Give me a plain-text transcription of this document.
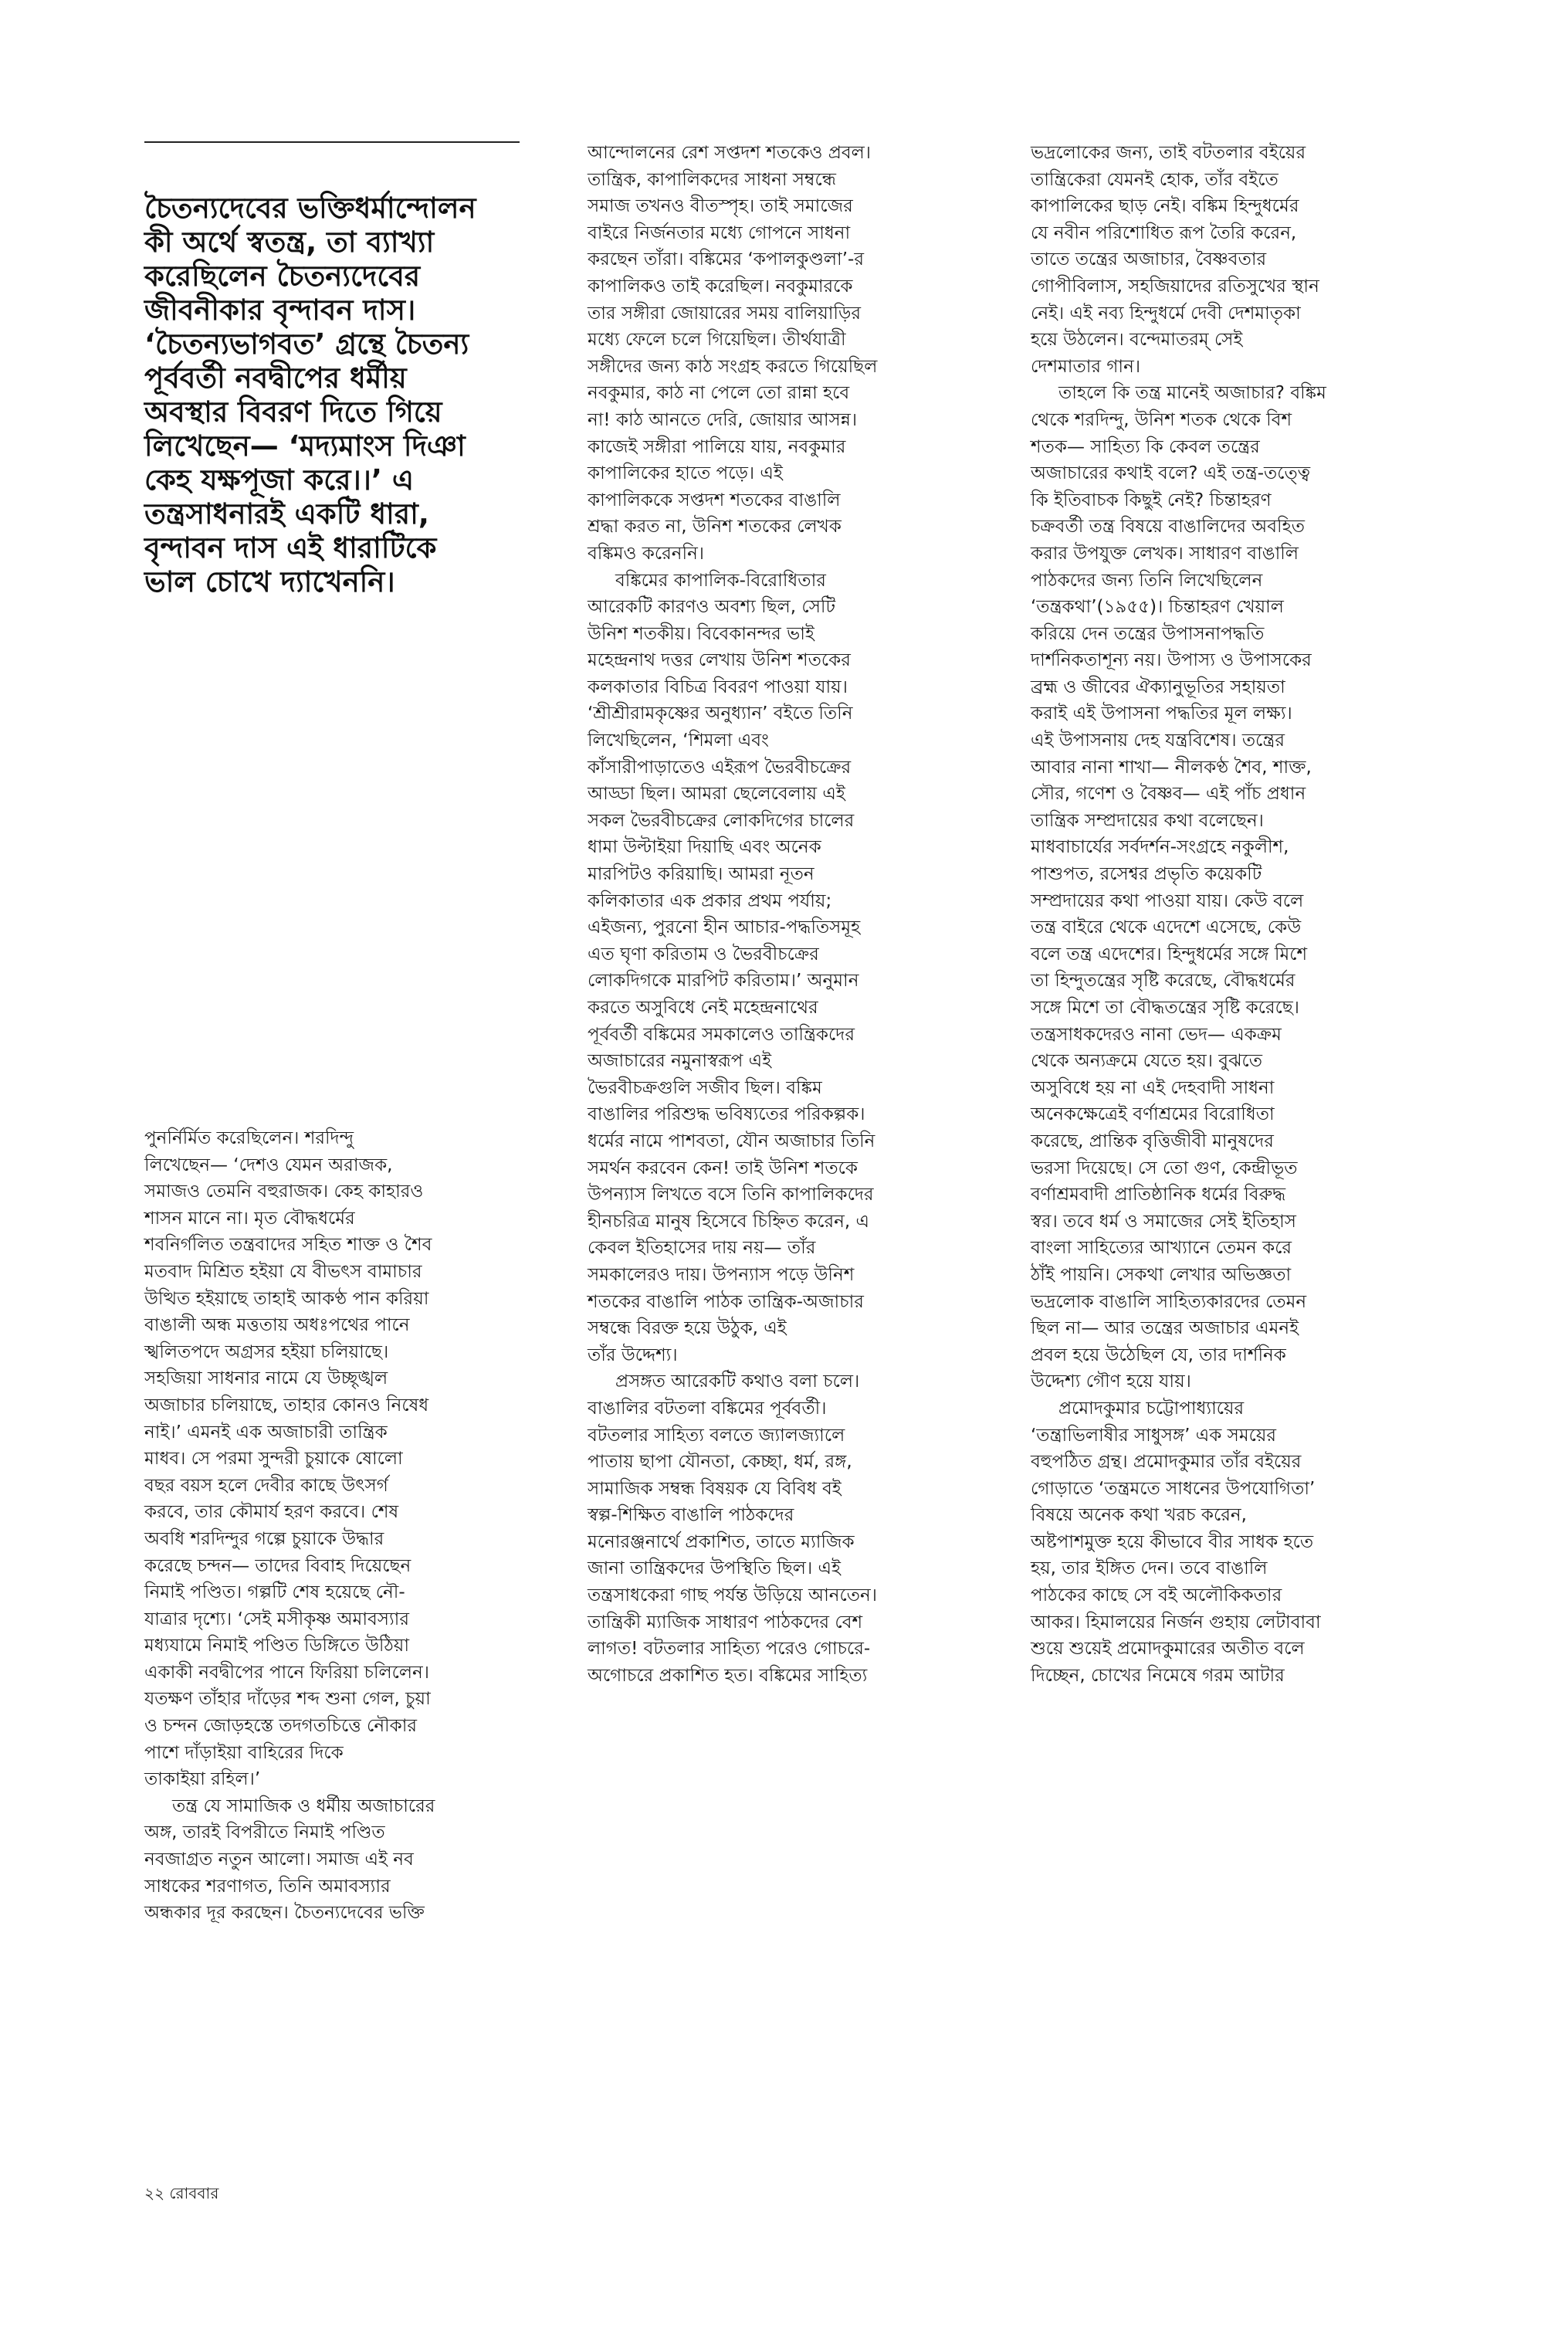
চৈতন্যদেবের ভক্তিধর্মান্দোলন
কী অর্থে স্বতন্ত্র, তা ব্যাখ্যা
করেছিলেন চৈতন্যদেবের
জীবনীকার বৃন্দাবন দাস।
‘চৈতন্যভাগবত’ গ্রন্থে চৈতন্য
পূর্ববর্তী নবদ্বীপের ধর্মীয়
অবস্থার বিবরণ দিতে গিয়ে
লিখেছেন— ‘মদ্যমাংস দিঞা
কেহ যক্ষপূজা করে।।’ এ
তন্ত্রসাধনারই একটি ধারা,
বৃন্দাবন দাস এই ধারাটিকে
ভাল চোখে দ্যাখেননি।
পুনর্নির্মিত করেছিলেন। শরদিন্দু
লিখেছেন— ‘দেশও যেমন অরাজক,
সমাজও তেমনি বহুরাজক। কেহ কাহারও
শাসন মানে না। মৃত বৌদ্ধধর্মের
শবনির্গলিত তন্ত্রবাদের সহিত শাক্ত ও শৈব
মতবাদ মিশ্রিত হইয়া যে বীভৎস বামাচার
উত্থিত হইয়াছে তাহাই আকণ্ঠ পান করিয়া
বাঙালী অন্ধ মত্ততায় অধঃপথের পানে
স্খলিতপদে অগ্রসর হইয়া চলিয়াছে।
সহজিয়া সাধনার নামে যে উচ্ছৃঙ্খল
অজাচার চলিয়াছে, তাহার কোনও নিষেধ
নাই।’ এমনই এক অজাচারী তান্ত্রিক
মাধব। সে পরমা সুন্দরী চুয়াকে ষোলো
বছর বয়স হলে দেবীর কাছে উৎসর্গ
করবে, তার কৌমার্য হরণ করবে। শেষ
অবধি শরদিন্দুর গল্পে চুয়াকে উদ্ধার
করেছে চন্দন— তাদের বিবাহ দিয়েছেন
নিমাই পণ্ডিত। গল্পটি শেষ হয়েছে নৌ-
যাত্রার দৃশ্যে। ‘সেই মসীকৃষ্ণ অমাবস্যার
মধ্যযামে নিমাই পণ্ডিত ডিঙ্গিতে উঠিয়া
একাকী নবদ্বীপের পানে ফিরিয়া চলিলেন।
যতক্ষণ তাঁহার দাঁড়ের শব্দ শুনা গেল, চুয়া
ও চন্দন জোড়হস্তে তদগতচিত্তে নৌকার
পাশে দাঁড়াইয়া বাহিরের দিকে
তাকাইয়া রহিল।’
তন্ত্র যে সামাজিক ও ধর্মীয় অজাচারের
অঙ্গ, তারই বিপরীতে নিমাই পণ্ডিত
নবজাগ্রত নতুন আলো। সমাজ এই নব
সাধকের শরণাগত, তিনি অমাবস্যার
অন্ধকার দূর করছেন। চৈতন্যদেবের ভক্তি
আন্দোলনের রেশ সপ্তদশ শতকেও প্রবল।
তান্ত্রিক, কাপালিকদের সাধনা সম্বন্ধে
সমাজ তখনও বীতস্পৃহ। তাই সমাজের
বাইরে নির্জনতার মধ্যে গোপনে সাধনা
করছেন তাঁরা। বঙ্কিমের ‘কপালকুণ্ডলা’-র
কাপালিকও তাই করেছিল। নবকুমারকে
তার সঙ্গীরা জোয়ারের সময় বালিয়াড়ির
মধ্যে ফেলে চলে গিয়েছিল। তীর্থযাত্রী
সঙ্গীদের জন্য কাঠ সংগ্রহ করতে গিয়েছিল
নবকুমার, কাঠ না পেলে তো রান্না হবে
না! কাঠ আনতে দেরি, জোয়ার আসন্ন।
কাজেই সঙ্গীরা পালিয়ে যায়, নবকুমার
কাপালিকের হাতে পড়ে। এই
কাপালিককে সপ্তদশ শতকের বাঙালি
শ্রদ্ধা করত না, উনিশ শতকের লেখক
বঙ্কিমও করেননি।
বঙ্কিমের কাপালিক-বিরোধিতার
আরেকটি কারণও অবশ্য ছিল, সেটি
উনিশ শতকীয়। বিবেকানন্দর ভাই
মহেন্দ্রনাথ দত্তর লেখায় উনিশ শতকের
কলকাতার বিচিত্র বিবরণ পাওয়া যায়।
‘শ্রীশ্রীরামকৃষ্ণের অনুধ্যান’ বইতে তিনি
লিখেছিলেন, ‘শিমলা এবং
কাঁসারীপাড়াতেও এইরূপ ভৈরবীচক্রের
আড্ডা ছিল। আমরা ছেলেবেলায় এই
সকল ভৈরবীচক্রের লোকদিগের চালের
ধামা উল্টাইয়া দিয়াছি এবং অনেক
মারপিটও করিয়াছি। আমরা নূতন
কলিকাতার এক প্রকার প্রথম পর্যায়;
এইজন্য, পুরনো হীন আচার-পদ্ধতিসমূহ
এত ঘৃণা করিতাম ও ভৈরবীচক্রের
লোকদিগকে মারপিট করিতাম।’ অনুমান
করতে অসুবিধে নেই মহেন্দ্রনাথের
পূর্ববর্তী বঙ্কিমের সমকালেও তান্ত্রিকদের
অজাচারের নমুনাস্বরূপ এই
ভৈরবীচক্রগুলি সজীব ছিল। বঙ্কিম
বাঙালির পরিশুদ্ধ ভবিষ্যতের পরিকল্পক।
ধর্মের নামে পাশবতা, যৌন অজাচার তিনি
সমর্থন করবেন কেন! তাই উনিশ শতকে
উপন্যাস লিখতে বসে তিনি কাপালিকদের
হীনচরিত্র মানুষ হিসেবে চিহ্নিত করেন, এ
কেবল ইতিহাসের দায় নয়— তাঁর
সমকালেরও দায়। উপন্যাস পড়ে উনিশ
শতকের বাঙালি পাঠক তান্ত্রিক-অজাচার
সম্বন্ধে বিরক্ত হয়ে উঠুক, এই
তাঁর উদ্দেশ্য।
প্রসঙ্গত আরেকটি কথাও বলা চলে।
বাঙালির বটতলা বঙ্কিমের পূর্ববর্তী।
বটতলার সাহিত্য বলতে জ্যালজ্যালে
পাতায় ছাপা যৌনতা, কেচ্ছা, ধর্ম, রঙ্গ,
সামাজিক সম্বন্ধ বিষয়ক যে বিবিধ বই
স্বল্প-শিক্ষিত বাঙালি পাঠকদের
মনোরঞ্জনার্থে প্রকাশিত, তাতে ম্যাজিক
জানা তান্ত্রিকদের উপস্থিতি ছিল। এই
তন্ত্রসাধকেরা গাছ পর্যন্ত উড়িয়ে আনতেন।
তান্ত্রিকী ম্যাজিক সাধারণ পাঠকদের বেশ
লাগত! বটতলার সাহিত্য পরেও গোচরে-
অগোচরে প্রকাশিত হত। বঙ্কিমের সাহিত্য
ভদ্রলোকের জন্য, তাই বটতলার বইয়ের
তান্ত্রিকেরা যেমনই হোক, তাঁর বইতে
কাপালিকের ছাড় নেই। বঙ্কিম হিন্দুধর্মের
যে নবীন পরিশোধিত রূপ তৈরি করেন,
তাতে তন্ত্রের অজাচার, বৈষ্ণবতার
গোপীবিলাস, সহজিয়াদের রতিসুখের স্থান
নেই। এই নব্য হিন্দুধর্মে দেবী দেশমাতৃকা
হয়ে উঠলেন। বন্দেমাতরম্ সেই
দেশমাতার গান।
তাহলে কি তন্ত্র মানেই অজাচার? বঙ্কিম
থেকে শরদিন্দু, উনিশ শতক থেকে বিশ
শতক— সাহিত্য কি কেবল তন্ত্রের
অজাচারের কথাই বলে? এই তন্ত্র-তত্ত্বে
কি ইতিবাচক কিছুই নেই? চিন্তাহরণ
চক্রবর্তী তন্ত্র বিষয়ে বাঙালিদের অবহিত
করার উপযুক্ত লেখক। সাধারণ বাঙালি
পাঠকদের জন্য তিনি লিখেছিলেন
‘তন্ত্রকথা’(১৯৫৫)। চিন্তাহরণ খেয়াল
করিয়ে দেন তন্ত্রের উপাসনাপদ্ধতি
দার্শনিকতাশূন্য নয়। উপাস্য ও উপাসকের
ব্রহ্ম ও জীবের ঐক্যানুভূতির সহায়তা
করাই এই উপাসনা পদ্ধতির মূল লক্ষ্য।
এই উপাসনায় দেহ যন্ত্রবিশেষ। তন্ত্রের
আবার নানা শাখা— নীলকণ্ঠ শৈব, শাক্ত,
সৌর, গণেশ ও বৈষ্ণব— এই পাঁচ প্রধান
তান্ত্রিক সম্প্রদায়ের কথা বলেছেন।
মাধবাচার্যের সর্বদর্শন-সংগ্রহে নকুলীশ,
পাশুপত, রসেশ্বর প্রভৃতি কয়েকটি
সম্প্রদায়ের কথা পাওয়া যায়। কেউ বলে
তন্ত্র বাইরে থেকে এদেশে এসেছে, কেউ
বলে তন্ত্র এদেশের। হিন্দুধর্মের সঙ্গে মিশে
তা হিন্দুতন্ত্রের সৃষ্টি করেছে, বৌদ্ধধর্মের
সঙ্গে মিশে তা বৌদ্ধতন্ত্রের সৃষ্টি করেছে।
তন্ত্রসাধকদেরও নানা ভেদ— একক্রম
থেকে অন্যক্রমে যেতে হয়। বুঝতে
অসুবিধে হয় না এই দেহবাদী সাধনা
অনেকক্ষেত্রেই বর্ণাশ্রমের বিরোধিতা
করেছে, প্রান্তিক বৃত্তিজীবী মানুষদের
ভরসা দিয়েছে। সে তো গুণ, কেন্দ্রীভূত
বর্ণাশ্রমবাদী প্রাতিষ্ঠানিক ধর্মের বিরুদ্ধ
স্বর। তবে ধর্ম ও সমাজের সেই ইতিহাস
বাংলা সাহিত্যের আখ্যানে তেমন করে
ঠাঁই পায়নি। সেকথা লেখার অভিজ্ঞতা
ভদ্রলোক বাঙালি সাহিত্যকারদের তেমন
ছিল না— আর তন্ত্রের অজাচার এমনই
প্রবল হয়ে উঠেছিল যে, তার দার্শনিক
উদ্দেশ্য গৌণ হয়ে যায়।
প্রমোদকুমার চট্টোপাধ্যায়ের
‘তন্ত্রাভিলাষীর সাধুসঙ্গ’ এক সময়ের
বহুপঠিত গ্রন্থ। প্রমোদকুমার তাঁর বইয়ের
গোড়াতে ‘তন্ত্রমতে সাধনের উপযোগিতা’
বিষয়ে অনেক কথা খরচ করেন,
অষ্টপাশমুক্ত হয়ে কীভাবে বীর সাধক হতে
হয়, তার ইঙ্গিত দেন। তবে বাঙালি
পাঠকের কাছে সে বই অলৌকিকতার
আকর। হিমালয়ের নির্জন গুহায় লেটাবাবা
শুয়ে শুয়েই প্রমোদকুমারের অতীত বলে
দিচ্ছেন, চোখের নিমেষে গরম আটার
২২ রোববার
